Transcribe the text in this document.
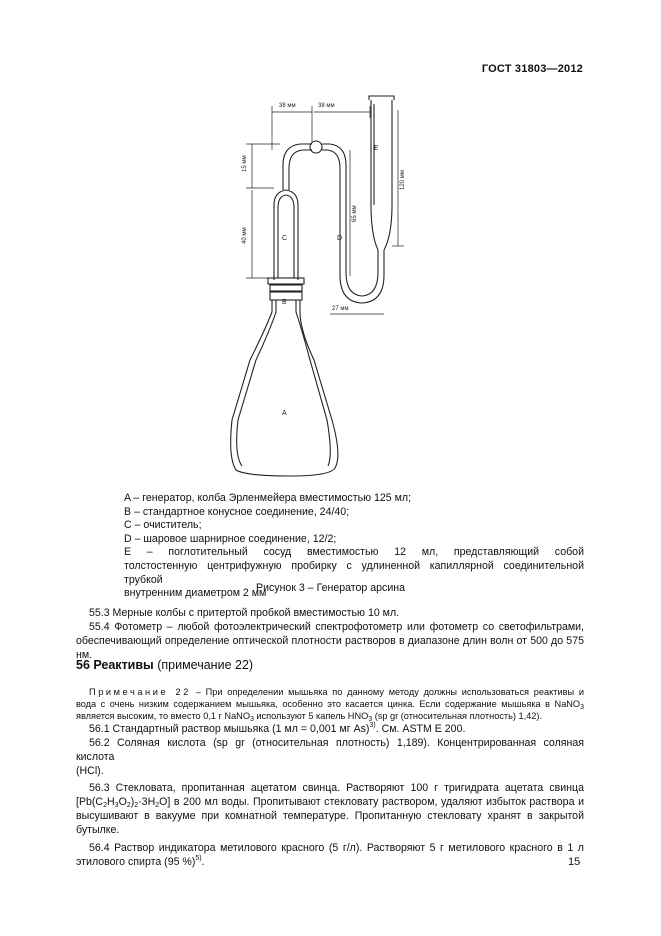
ГОСТ 31803—2012
38 мм	38 мм
15 мм
40 мм
65 мм
120 мм
27 мм
A
B
C	D
E

A – генератор, колба Эрленмейера вместимостью 125 мл;

B – стандартное конусное соединение, 24/40;

C – очиститель;

D – шаровое шарнирное соединение, 12/2;

E – поглотительный сосуд вместимостью 12 мл, представляющий собой

толстостенную центрифужную пробирку с удлиненной капиллярной соединительной трубкой

внутренним диаметром 2 мм

Рисунок 3 – Генератор арсина

55.3 Мерные колбы с притертой пробкой вместимостью 10 мл.

55.4 Фотометр – любой фотоэлектрический спектрофотометр или фотометр со светофильтрами,

обеспечивающий определение оптической плотности растворов в диапазоне длин волн от 500 до 575 нм.

56 Реактивы (примечание 22)
Примечание 22 – При определении мышьяка по данному методу должны использоваться реактивы и
вода с очень низким содержанием мышьяка, особенно это касается цинка. Если содержание мышьяка в NaNO$_3$
является высоким, то вместо 0,1 г NaNO$_3$ используют 5 капель $HNO_3$ (sp gr (относительная плотность) 1,42).

56.1 Стандартный раствор мышьяка (1 мл = 0,001 мг As)$^{3)}$. См. ASTM E 200.

56.2 Соляная кислота (sp gr (относительная плотность) 1,189). Концентрированная соляная кислота

(HCl).

56.3 Стекловата, пропитанная ацетатом свинца. Растворяют 100 г тригидрата ацетата свинца

$[Pb(C_2H_3O_2)_2\cdot 3H_2O]$ в 200 мл воды. Пропитывают стекловату раствором, удаляют избыток раствора и

высушивают в вакууме при комнатной температуре. Пропитанную стекловату хранят в закрытой

бутылке.

56.4 Раствор индикатора метилового красного (5 г/л). Растворяют 5 г метилового красного в 1 л

этилового спирта (95 %)$^{5)}$.	15
